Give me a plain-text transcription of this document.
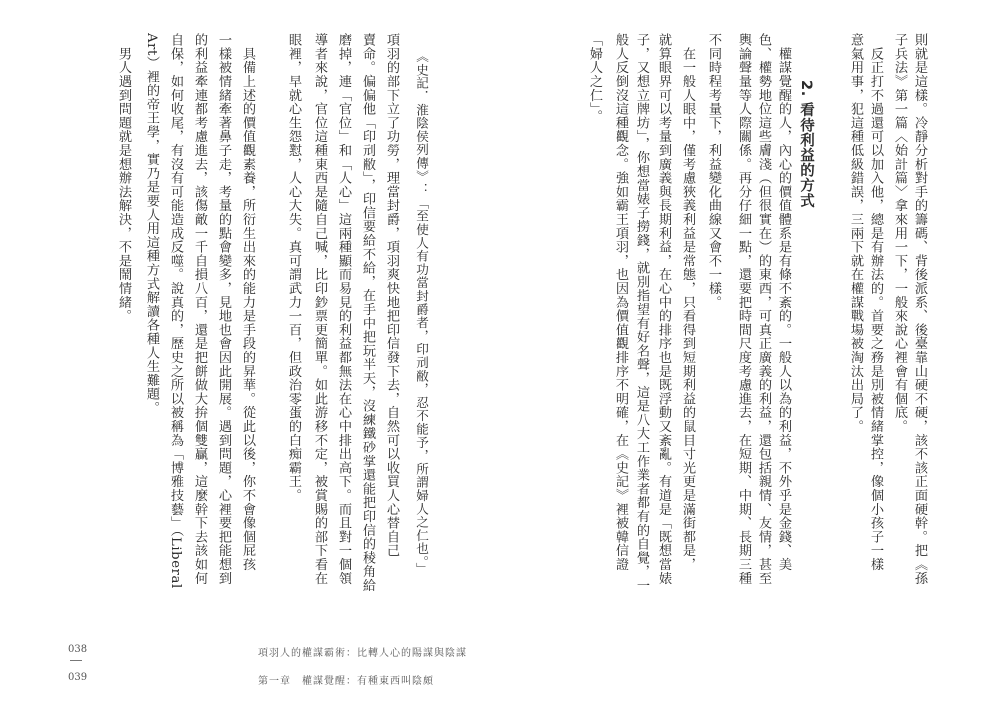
則就是這樣。冷靜分析對手的籌碼、背後派系、後臺靠山硬不硬，該不該正面硬幹。把《孫
子兵法》第一篇〈始計篇〉拿來用一下，一般來說心裡會有個底。
　反正打不過還可以加入他，總是有辦法的。首要之務是別被情緒掌控，像個小孩子一樣
意氣用事，犯這種低級錯誤，三兩下就在權謀戰場被淘汰出局了。
2. 看待利益的方式
　權謀覺醒的人，內心的價值體系是有條不紊的。一般人以為的利益，不外乎是金錢、美
色、權勢地位這些膚淺（但很實在）的東西，可真正廣義的利益，還包括親情、友情，甚至
輿論聲量等人際關係。再分仔細一點，還要把時間尺度考慮進去，在短期、中期、長期三種
不同時程考量下，利益變化曲線又會不一樣。
　在一般人眼中，僅考慮狹義利益是常態，只看得到短期利益的鼠目寸光更是滿街都是，
就算眼界可以考量到廣義與長期利益，在心中的排序也是既浮動又紊亂。有道是「既想當婊
子，又想立牌坊」，你想當婊子撈錢，就別指望有好名聲，這是八大工作業者都有的自覺，一
般人反倒沒這種觀念。強如霸王項羽，也因為價值觀排序不明確，在《史記》裡被韓信證
「婦人之仁」。
《史記．淮陰侯列傳》：「至使人有功當封爵者，印刓敝，忍不能予，所謂婦人之仁也。」
項羽的部下立了功勞，理當封爵，項羽爽快地把印信發下去，自然可以收買人心替自己
賣命。偏偏他「印刓敝」，印信要給不給，在手中把玩半天，沒練鐵砂掌還能把印信的稜角給
磨掉，連「官位」和「人心」這兩種顯而易見的利益都無法在心中排出高下。而且對一個領
導者來說，官位這種東西是隨自己喊，比印鈔票更簡單。如此游移不定，被賞賜的部下看在
眼裡，早就心生怨懟，人心大失。真可謂武力一百，但政治零蛋的白痴霸王。
　具備上述的價值觀素養，所衍生出來的能力是手段的昇華。從此以後，你不會像個屁孩
一樣被情緒牽著鼻子走，考量的點會變多，見地也會因此開展。遇到問題，心裡要把能想到
的利益牽連都考慮進去，該傷敵一千自損八百，還是把餅做大拚個雙贏，這麼幹下去該如何
自保，如何收尾，有沒有可能造成反噬。說真的，歷史之所以被稱為「博雅技藝」（Liberal
Art）裡的帝王學，實乃是要人用這種方式解讀各種人生難題。
　男人遇到問題就是想辦法解決，不是鬧情緒。
038	項羽人的權謀霸術：比轉人心的陽謀與陰謀
039	第一章　權謀覺醒：有種東西叫陰頗
